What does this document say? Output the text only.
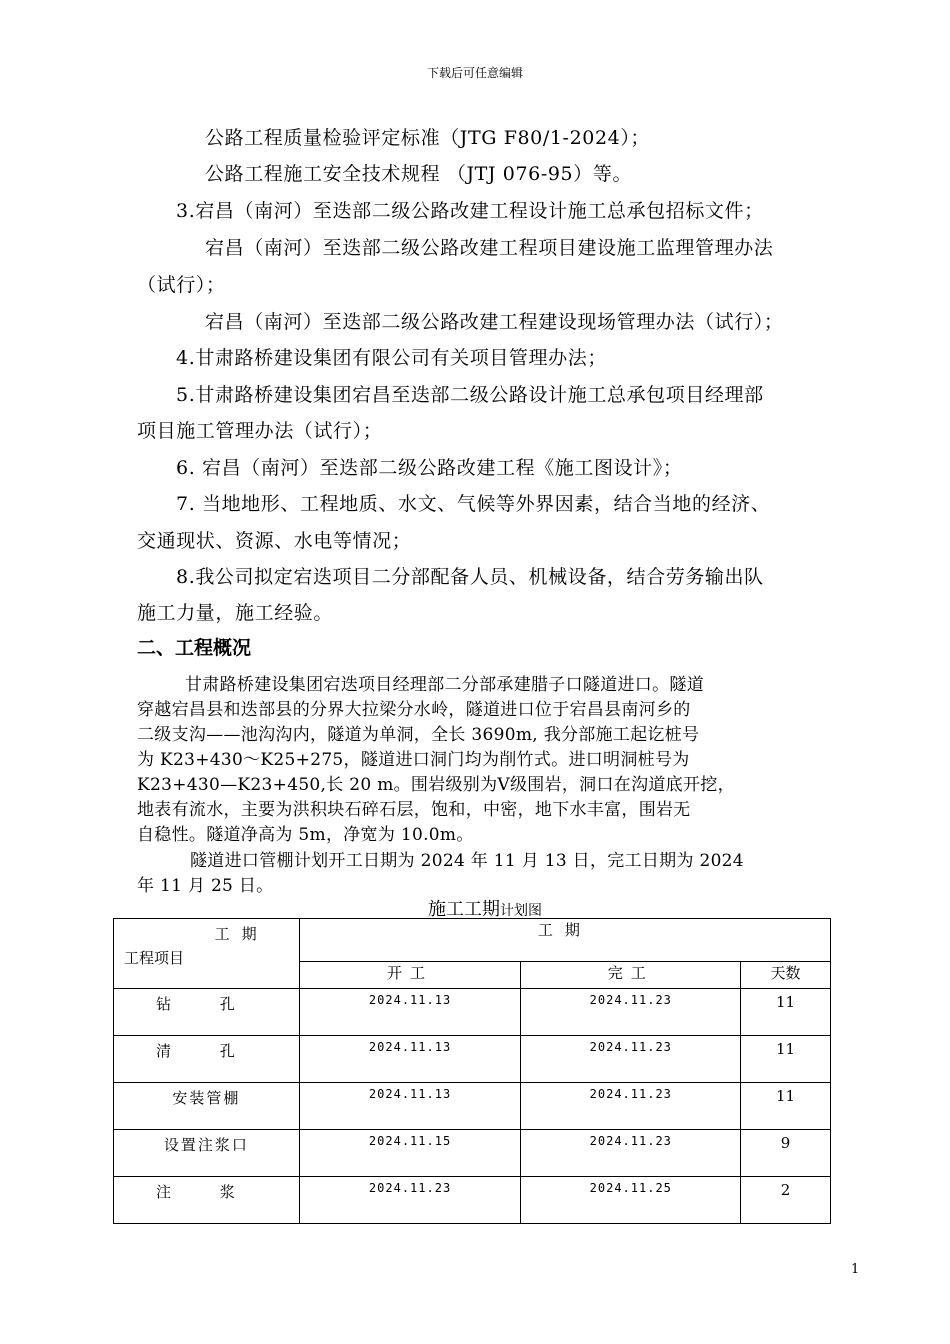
下载后可任意编辑
公路工程质量检验评定标准（JTG F80/1-2024）；
公路工程施工安全技术规程 （JTJ 076-95）等。
3.宕昌（南河）至迭部二级公路改建工程设计施工总承包招标文件；
宕昌（南河）至迭部二级公路改建工程项目建设施工监理管理办法
（试行）；
宕昌（南河）至迭部二级公路改建工程建设现场管理办法（试行）；
4.甘肃路桥建设集团有限公司有关项目管理办法；
5.甘肃路桥建设集团宕昌至迭部二级公路设计施工总承包项目经理部
项目施工管理办法（试行）；
6. 宕昌（南河）至迭部二级公路改建工程《施工图设计》；
7. 当地地形、工程地质、水文、气候等外界因素，结合当地的经济、
交通现状、资源、水电等情况；
8.我公司拟定宕迭项目二分部配备人员、机械设备，结合劳务输出队
施工力量，施工经验。
二、工程概况
甘肃路桥建设集团宕迭项目经理部二分部承建腊子口隧道进口。隧道
穿越宕昌县和迭部县的分界大拉梁分水岭，隧道进口位于宕昌县南河乡的
二级支沟——池沟沟内，隧道为单洞，全长 3690m, 我分部施工起讫桩号
为 K23+430～K25+275，隧道进口洞门均为削竹式。进口明洞桩号为
K23+430—K23+450,长 20 m。围岩级别为Ⅴ级围岩，洞口在沟道底开挖，
地表有流水，主要为洪积块石碎石层，饱和，中密，地下水丰富，围岩无
自稳性。隧道净高为 5m，净宽为 10.0m。
隧道进口管棚计划开工日期为 2024 年 11 月 13 日，完工日期为 2024
年 11 月 25 日。
施工工期计划图
工期
工程项目	工期		
	开工	完工	天数
钻 孔	2024.11.13	2024.11.23	11
清 孔	2024.11.13	2024.11.23	11
安装管棚	2024.11.13	2024.11.23	11
设置注浆口	2024.11.15	2024.11.23	9
注 浆	2024.11.23	2024.11.25	2
1
